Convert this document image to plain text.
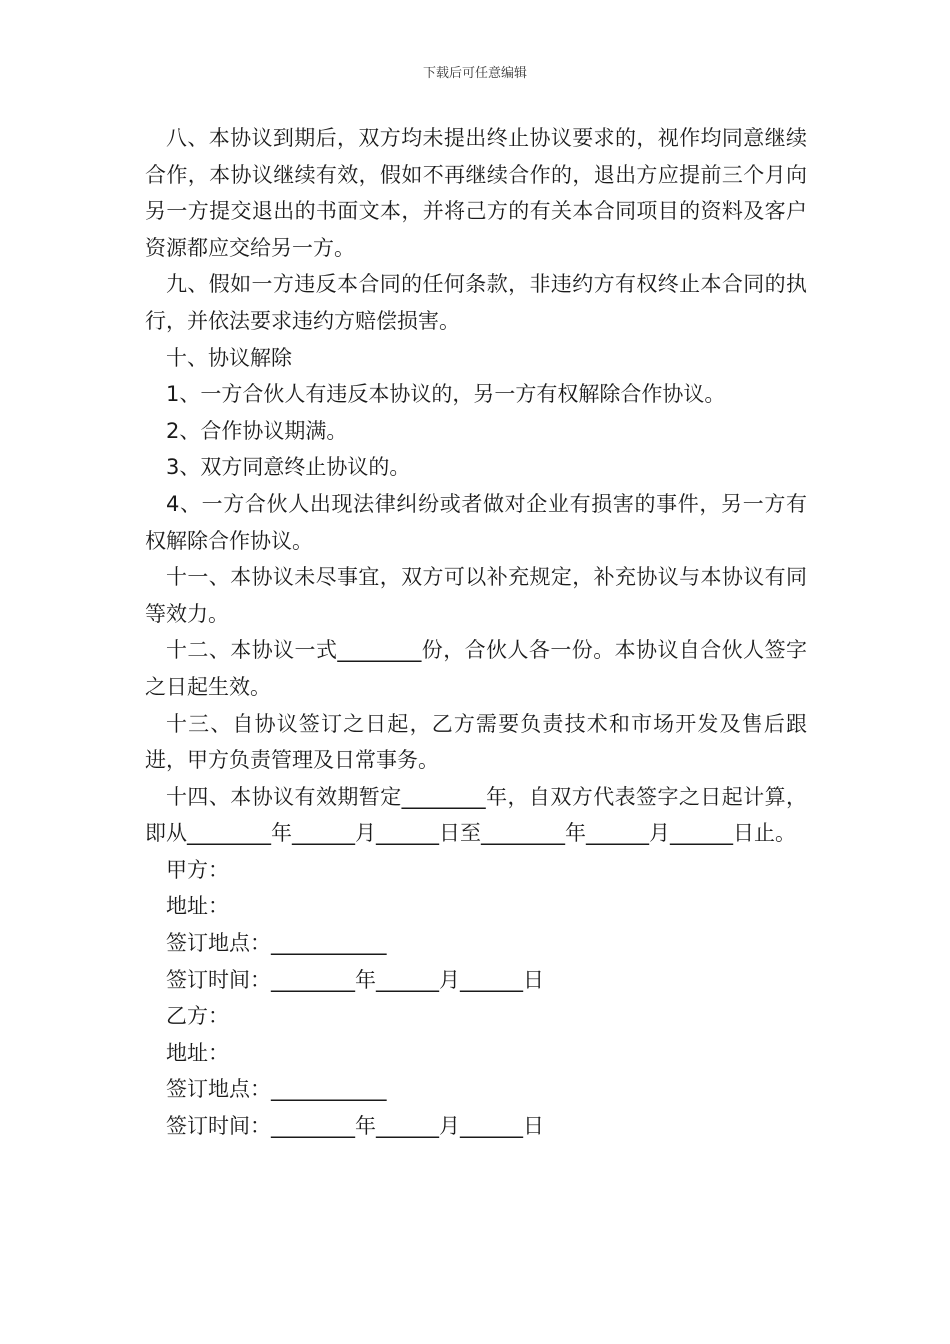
下载后可任意编辑

八、本协议到期后，双方均未提出终止协议要求的，视作均同意继续合作，本协议继续有效，假如不再继续合作的，退出方应提前三个月向另一方提交退出的书面文本，并将己方的有关本合同项目的资料及客户资源都应交给另一方。

九、假如一方违反本合同的任何条款，非违约方有权终止本合同的执行，并依法要求违约方赔偿损害。

十、协议解除

1、一方合伙人有违反本协议的，另一方有权解除合作协议。

2、合作协议期满。

3、双方同意终止协议的。

4、一方合伙人出现法律纠纷或者做对企业有损害的事件，另一方有权解除合作协议。

十一、本协议未尽事宜，双方可以补充规定，补充协议与本协议有同等效力。

十二、本协议一式________份，合伙人各一份。本协议自合伙人签字之日起生效。

十三、自协议签订之日起，乙方需要负责技术和市场开发及售后跟进，甲方负责管理及日常事务。

十四、本协议有效期暂定________年，自双方代表签字之日起计算，即从________年______月______日至________年______月______日止。

甲方：

地址：

签订地点：___________

签订时间：________年______月______日

乙方：

地址：

签订地点：___________

签订时间：________年______月______日
